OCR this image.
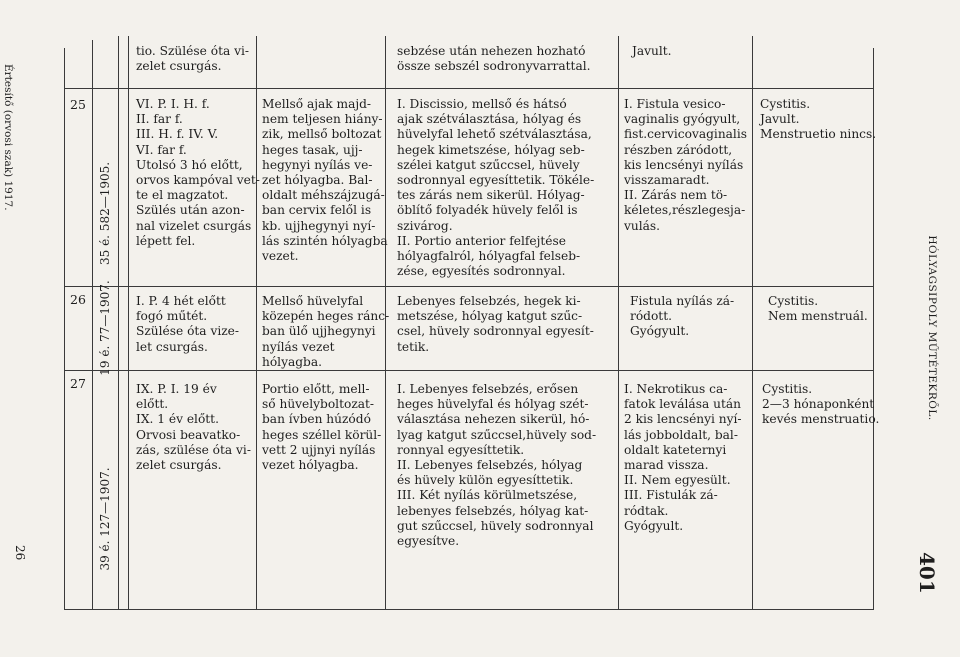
Értesítő (orvosi szak) 1917.
26
HÓLYAGSIPOLY MŰTÉTEKRŐL.
401
tio. Szülése óta vi-
zelet csurgás.
sebzése után nehezen hozható
össze sebszél sodronyvarrattal.
Javult.
25
35 é. 582—1905.
VI. P. I. H. f.
II. far f.
III. H. f. IV. V.
VI. far f.
Utolsó 3 hó előtt,
orvos kampóval vet-
te el magzatot.
Szülés után azon-
nal vizelet csurgás
lépett fel.
Mellső ajak majd-
nem teljesen hiány-
zik, mellső boltozat
heges tasak, ujj-
hegynyi nyílás ve-
zet hólyagba. Bal-
oldalt méhszájzugá-
ban cervix felől is
kb. ujjhegynyi nyí-
lás szintén hólyagba
vezet.
I. Discissio, mellső és hátsó
ajak szétválasztása, hólyag és
hüvelyfal lehető szétválasztása,
hegek kimetszése, hólyag seb-
szélei katgut szűccsel, hüvely
sodronnyal egyesíttetik. Tökéle-
tes zárás nem sikerül. Hólyag-
öblítő folyadék hüvely felől is
szivárog.
II. Portio anterior felfejtése
hólyagfalról, hólyagfal felseb-
zése, egyesítés sodronnyal.
I. Fistula vesico-
vaginalis gyógyult,
fist.cervicovaginalis
részben záródott,
kis lencsényi nyílás
visszamaradt.
II. Zárás nem tö-
kéletes,részlegesja-
vulás.
Cystitis.
Javult.
Menstruetio nincs.
26 19 é. 77—1907. I. P. 4 hét előtt
fogó műtét.
Szülése óta vize-
let csurgás.
Mellső hüvelyfal
közepén heges ránc-
ban ülő ujjhegynyi
nyílás vezet
hólyagba.
Lebenyes felsebzés, hegek ki-
metszése, hólyag katgut szűc-
csel, hüvely sodronnyal egyesít-
tetik.
Fistula nyílás zá-
ródott.
Gyógyult.
Cystitis.
Nem menstruál.
27
39 é. 127—1907.
IX. P. I. 19 év
előtt.
IX. 1 év előtt.
Orvosi beavatko-
zás, szülése óta vi-
zelet csurgás.
Portio előtt, mell-
ső hüvelyboltozat-
ban ívben húzódó
heges széllel körül-
vett 2 ujjnyi nyílás
vezet hólyagba.
I. Lebenyes felsebzés, erősen
heges hüvelyfal és hólyag szét-
választása nehezen sikerül, hó-
lyag katgut szűccsel,hüvely sod-
ronnyal egyesíttetik.
II. Lebenyes felsebzés, hólyag
és hüvely külön egyesíttetik.
III. Két nyílás körülmetszése,
lebenyes felsebzés, hólyag kat-
gut szűccsel, hüvely sodronnyal
egyesítve.
I. Nekrotikus ca-
fatok leválása után
2 kis lencsényi nyí-
lás jobboldalt, bal-
oldalt kateternyi
marad vissza.
II. Nem egyesült.
III. Fistulák zá-
ródtak.
Gyógyult.
Cystitis.
2—3 hónaponként
kevés menstruatio.
